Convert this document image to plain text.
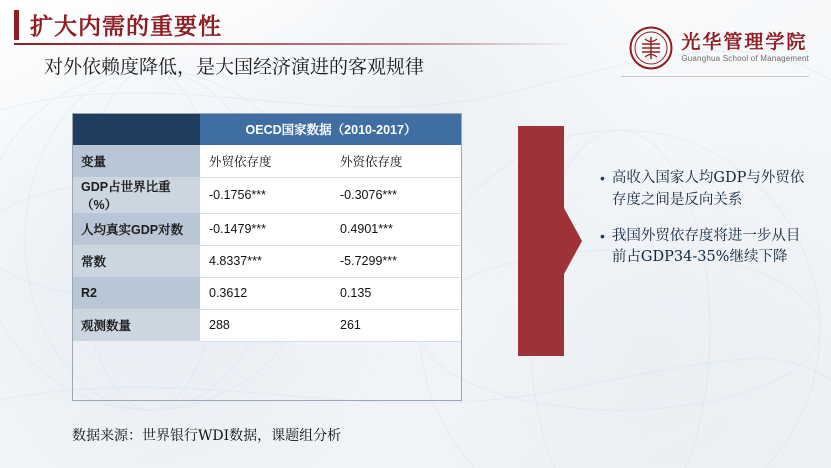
扩大内需的重要性
对外依赖度降低，是大国经济演进的客观规律
光华管理学院
Guanghua School of Management
	OECD国家数据（2010-2017）	
变量	外贸依存度	外资依存度
GDP占世界比重（%）	-0.1756***	-0.3076***
人均真实GDP对数	-0.1479***	0.4901***
常数	4.8337***	-5.7299***
R2	0.3612	0.135
观测数量	288	261
• 高收入国家人均GDP与外贸依存度之间是反向关系
• 我国外贸依存度将进一步从目前占GDP34-35%继续下降
数据来源：世界银行WDI数据，课题组分析
